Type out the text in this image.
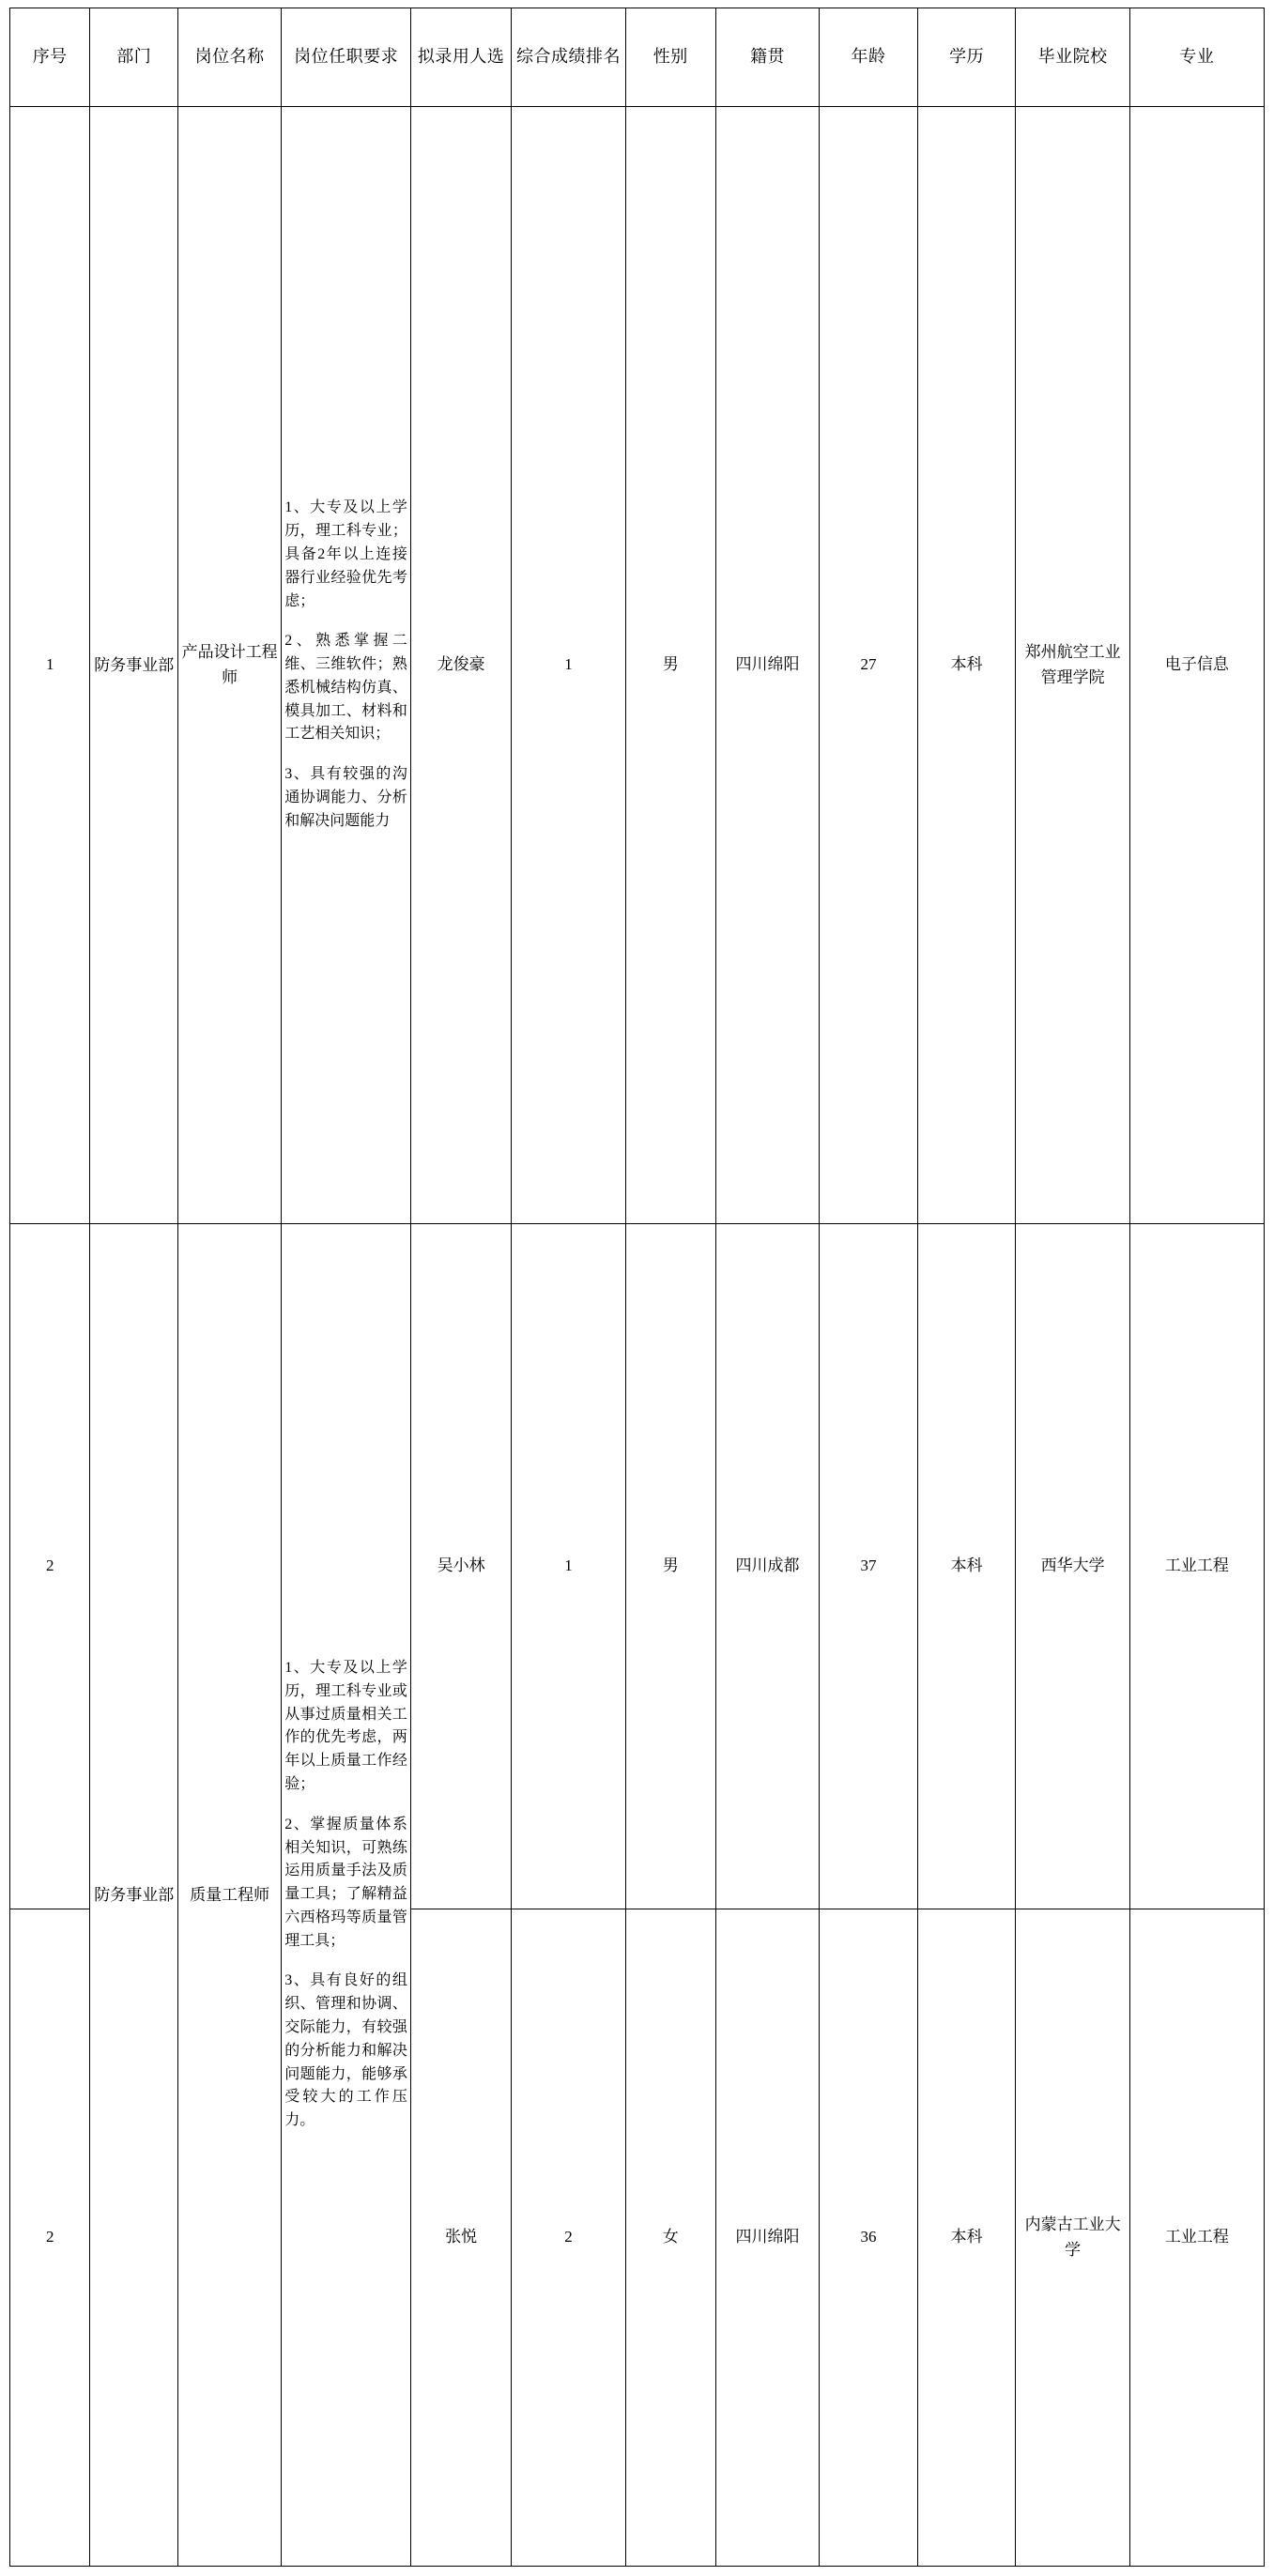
序号	部门	岗位名称	岗位任职要求	拟录用人选	综合成绩排名	性别	籍贯	年龄	学历	毕业院校	专业
1	防务事业部	产品设计工程师	1、大专及以上学历，理工科专业；具备2年以上连接器行业经验优先考虑；

2、熟悉掌握二维、三维软件；熟悉机械结构仿真、模具加工、材料和工艺相关知识；

3、具有较强的沟通协调能力、分析和解决问题能力	龙俊豪	1	男	四川绵阳	27	本科	郑州航空工业管理学院	电子信息
2	防务事业部	质量工程师	1、大专及以上学历，理工科专业或从事过质量相关工作的优先考虑，两年以上质量工作经验；

2、掌握质量体系相关知识，可熟练运用质量手法及质量工具；了解精益六西格玛等质量管理工具；

3、具有良好的组织、管理和协调、交际能力，有较强的分析能力和解决问题能力，能够承受较大的工作压力。	吴小林	1	男	四川成都	37	本科	西华大学	工业工程
2				张悦	2	女	四川绵阳	36	本科	内蒙古工业大学	工业工程
